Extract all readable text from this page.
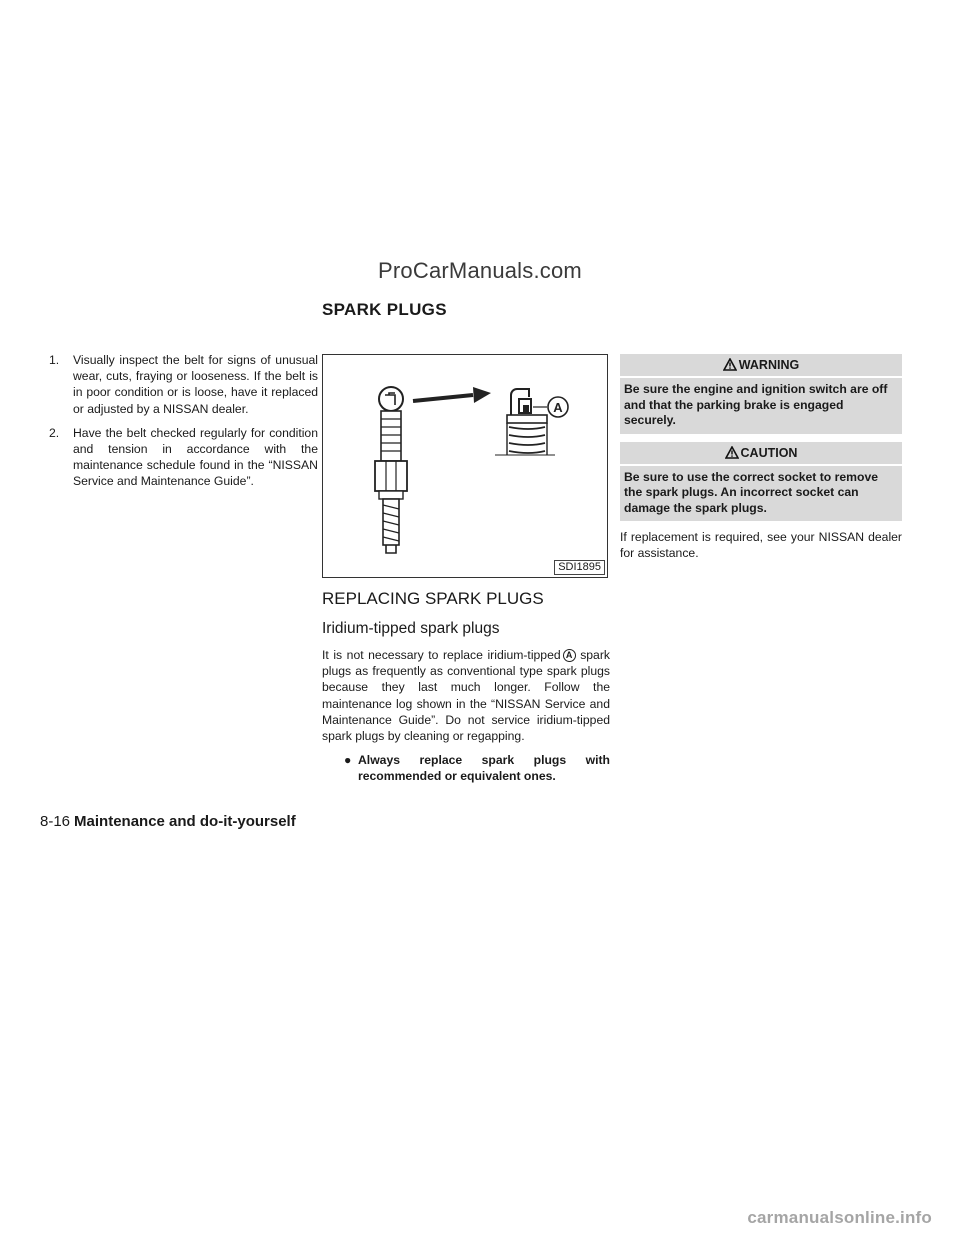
ProCarManuals.com
SPARK PLUGS
1. Visually inspect the belt for signs of unusual wear, cuts, fraying or looseness. If the belt is in poor condition or is loose, have it replaced or adjusted by a NISSAN dealer.
2. Have the belt checked regularly for condition and tension in accordance with the maintenance schedule found in the “NISSAN Service and Maintenance Guide”.
A
SDI1895
REPLACING SPARK PLUGS
Iridium-tipped spark plugs

It is not necessary to replace iridium-tipped A spark plugs as frequently as conventional type spark plugs because they last much longer. Follow the maintenance log shown in the “NISSAN Service and Maintenance Guide”. Do not service iridium-tipped spark plugs by cleaning or regapping.

● Always replace spark plugs with recommended or equivalent ones.
WARNING
Be sure the engine and ignition switch are off and that the parking brake is engaged securely.
CAUTION
Be sure to use the correct socket to remove the spark plugs. An incorrect socket can damage the spark plugs.

If replacement is required, see your NISSAN dealer for assistance.

8-16 Maintenance and do-it-yourself
carmanualsonline.info
